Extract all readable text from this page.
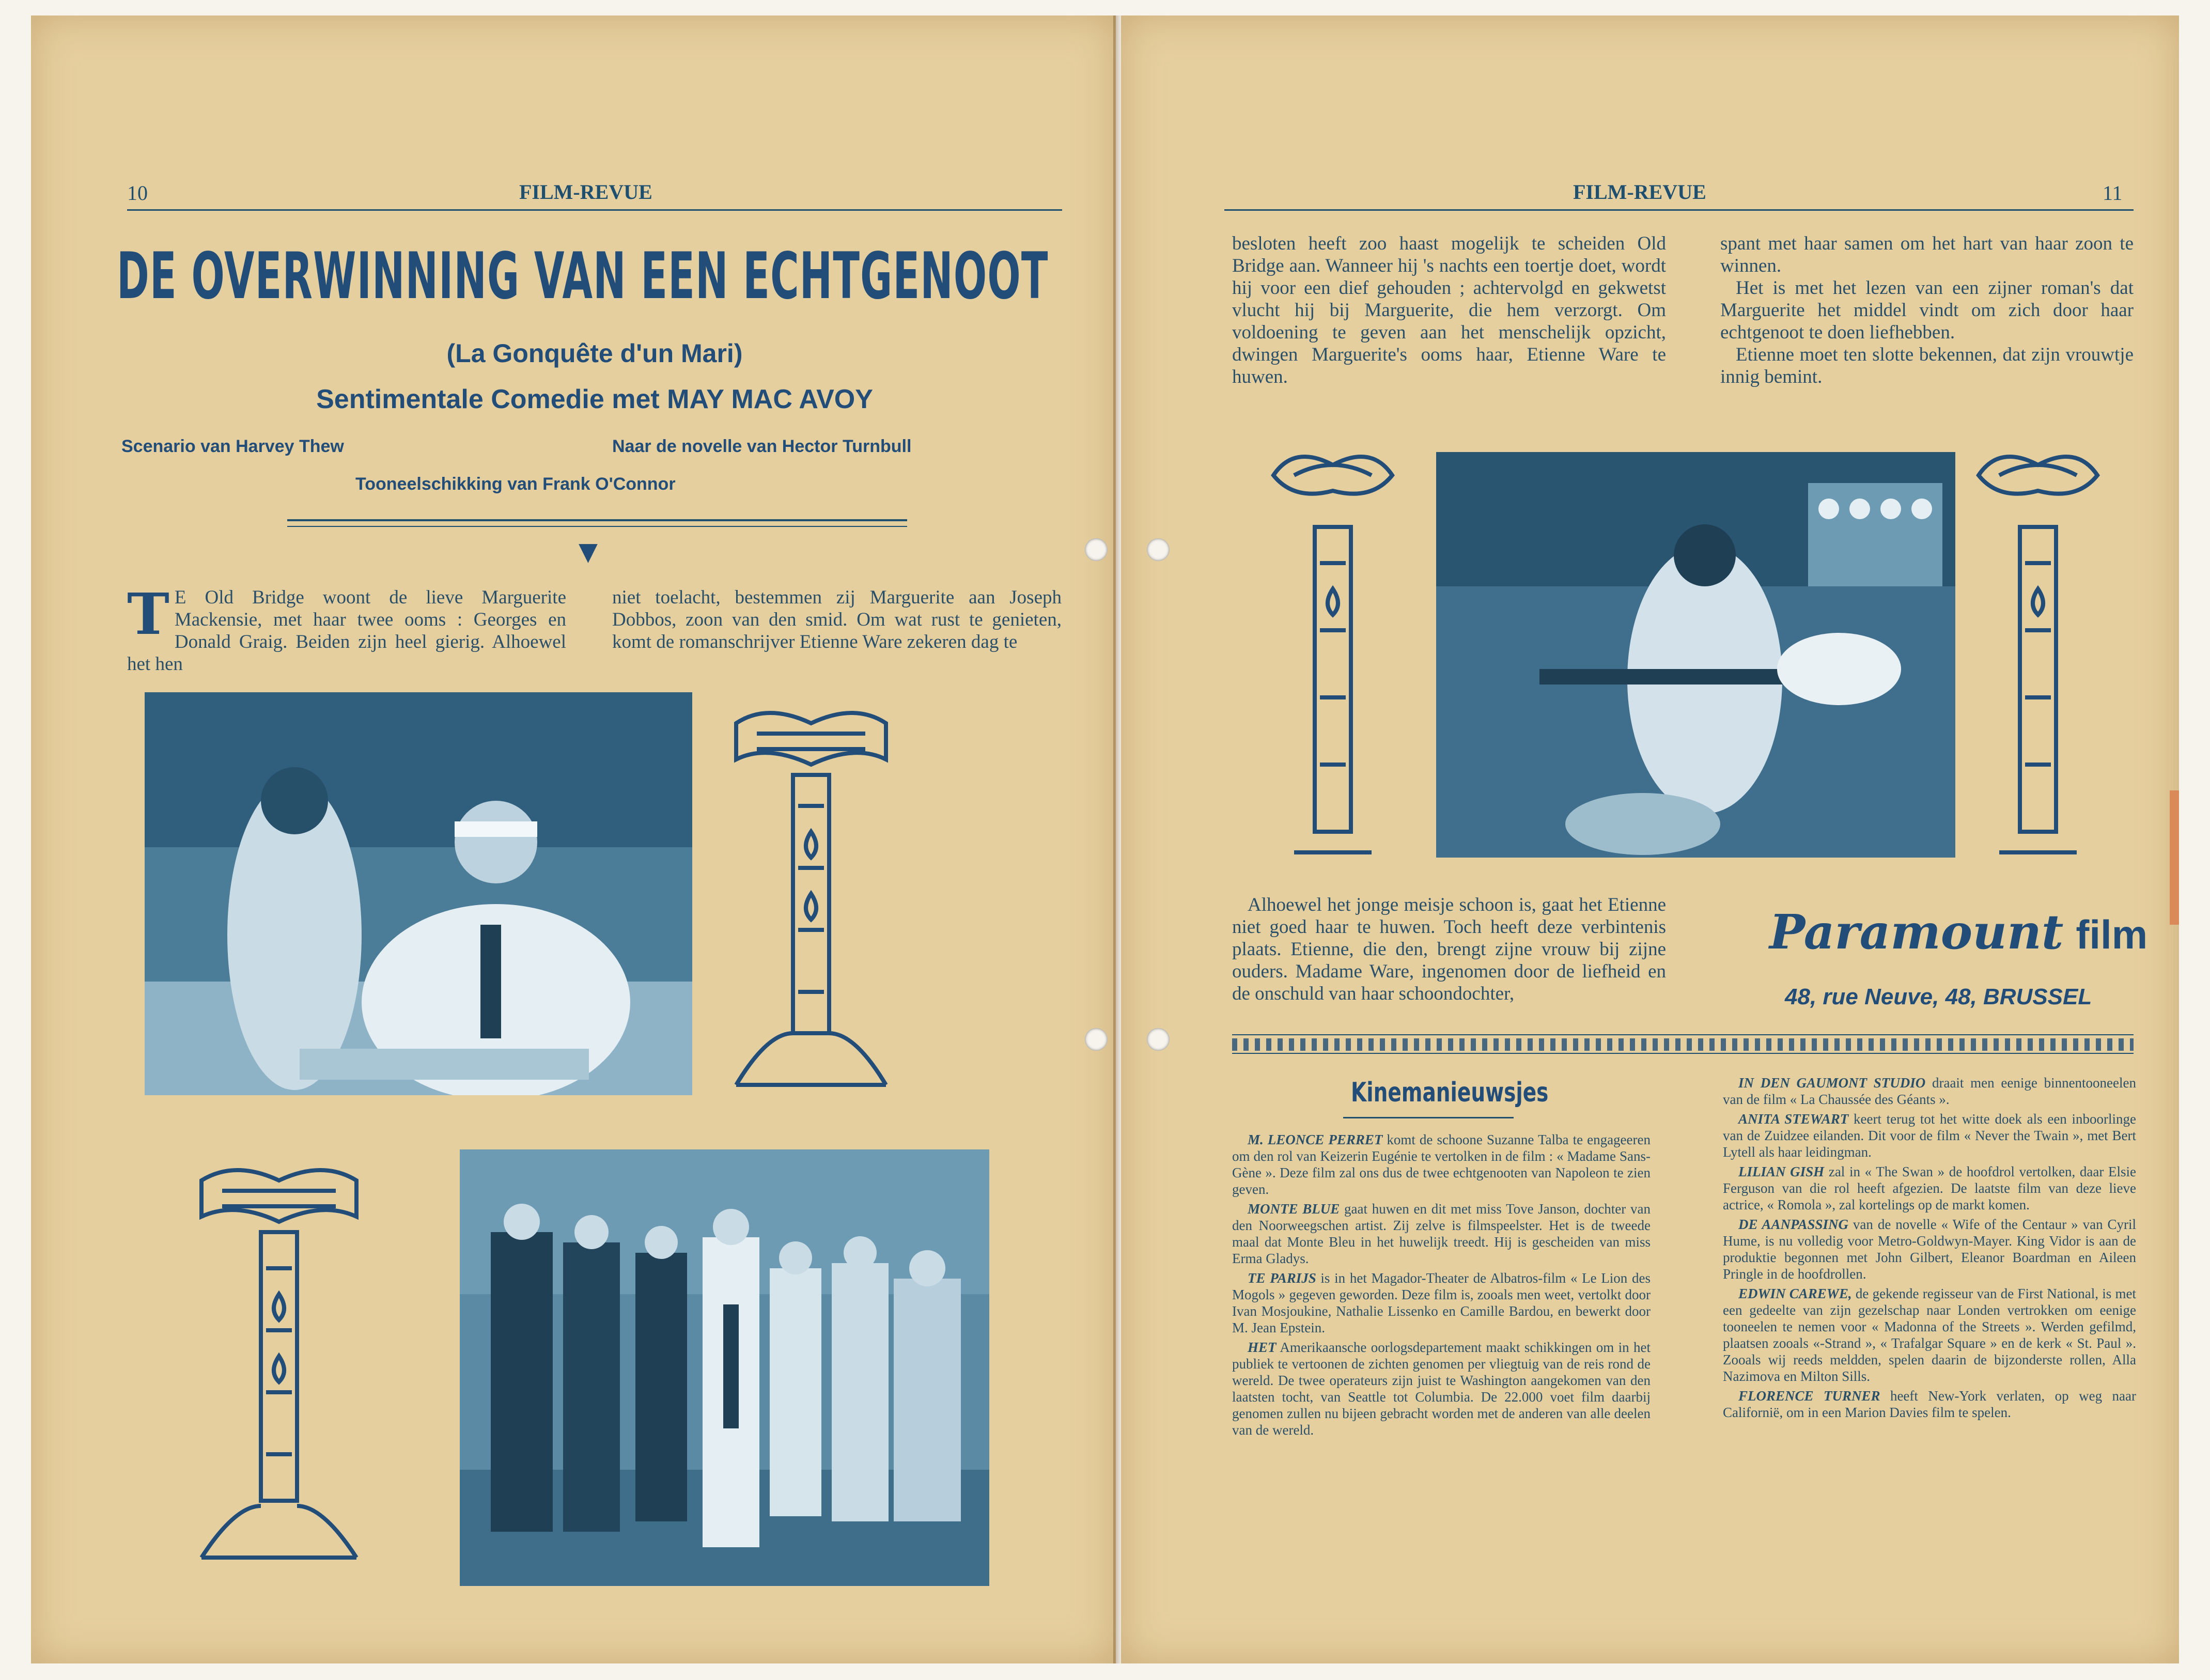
10	FILM-REVUE
DE OVERWINNING VAN EEN ECHTGENOOT
(La Gonquête d'un Mari)
Sentimentale Comedie met MAY MAC AVOY
Scenario van Harvey Thew	Naar de novelle van Hector Turnbull
Tooneelschikking van Frank O'Connor
▼
T E Old Bridge woont de lieve Marguerite Mackensie, met haar twee ooms : Georges en Donald Graig. Beiden zijn heel gierig. Alhoewel het hen
niet toelacht, bestemmen zij Marguerite aan Joseph Dobbos, zoon van den smid. Om wat rust te genieten, komt de romanschrijver Etienne Ware zekeren dag te
FILM-REVUE	11
besloten heeft zoo haast mogelijk te scheiden Old Bridge aan. Wanneer hij 's nachts een toertje doet, wordt hij voor een dief gehouden ; achtervolgd en gekwetst vlucht hij bij Marguerite, die hem verzorgt. Om voldoening te geven aan het menschelijk opzicht, dwingen Marguerite's ooms haar, Etienne Ware te huwen.
spant met haar samen om het hart van haar zoon te winnen.
Het is met het lezen van een zijner roman's dat Marguerite het middel vindt om zich door haar echtgenoot te doen liefhebben.
Etienne moet ten slotte bekennen, dat zijn vrouwtje innig bemint.
Alhoewel het jonge meisje schoon is, gaat het Etienne niet goed haar te huwen. Toch heeft deze verbintenis plaats. Etienne, die den, brengt zijne vrouw bij zijne ouders. Madame Ware, ingenomen door de liefheid en de onschuld van haar schoondochter,
Paramount film
48, rue Neuve, 48, BRUSSEL
Kinemanieuwsjes

M. LEONCE PERRET komt de schoone Suzanne Talba te engageeren om den rol van Keizerin Eugénie te vertolken in de film : « Madame Sans-Gène ». Deze film zal ons dus de twee echtgenooten van Napoleon te zien geven.

MONTE BLUE gaat huwen en dit met miss Tove Janson, dochter van den Noorweegschen artist. Zij zelve is filmspeelster. Het is de tweede maal dat Monte Bleu in het huwelijk treedt. Hij is gescheiden van miss Erma Gladys.

TE PARIJS is in het Magador-Theater de Albatros-film « Le Lion des Mogols » gegeven geworden. Deze film is, zooals men weet, vertolkt door Ivan Mosjoukine, Nathalie Lissenko en Camille Bardou, en bewerkt door M. Jean Epstein.

HET Amerikaansche oorlogsdepartement maakt schikkingen om in het publiek te vertoonen de zichten genomen per vliegtuig van de reis rond de wereld. De twee operateurs zijn juist te Washington aangekomen van den laatsten tocht, van Seattle tot Columbia. De 22.000 voet film daarbij genomen zullen nu bijeen gebracht worden met de anderen van alle deelen van de wereld.

IN DEN GAUMONT STUDIO draait men eenige binnentooneelen van de film « La Chaussée des Géants ».

ANITA STEWART keert terug tot het witte doek als een inboorlinge van de Zuidzee eilanden. Dit voor de film « Never the Twain », met Bert Lytell als haar leidingman.

LILIAN GISH zal in « The Swan » de hoofdrol vertolken, daar Elsie Ferguson van die rol heeft afgezien. De laatste film van deze lieve actrice, « Romola », zal kortelings op de markt komen.

DE AANPASSING van de novelle « Wife of the Centaur » van Cyril Hume, is nu volledig voor Metro-Goldwyn-Mayer. King Vidor is aan de produktie begonnen met John Gilbert, Eleanor Boardman en Aileen Pringle in de hoofdrollen.

EDWIN CAREWE, de gekende regisseur van de First National, is met een gedeelte van zijn gezelschap naar Londen vertrokken om eenige tooneelen te nemen voor « Madonna of the Streets ». Werden gefilmd, plaatsen zooals «-Strand », « Trafalgar Square » en de kerk « St. Paul ». Zooals wij reeds meldden, spelen daarin de bijzonderste rollen, Alla Nazimova en Milton Sills.

FLORENCE TURNER heeft New-York verlaten, op weg naar Californië, om in een Marion Davies film te spelen.
